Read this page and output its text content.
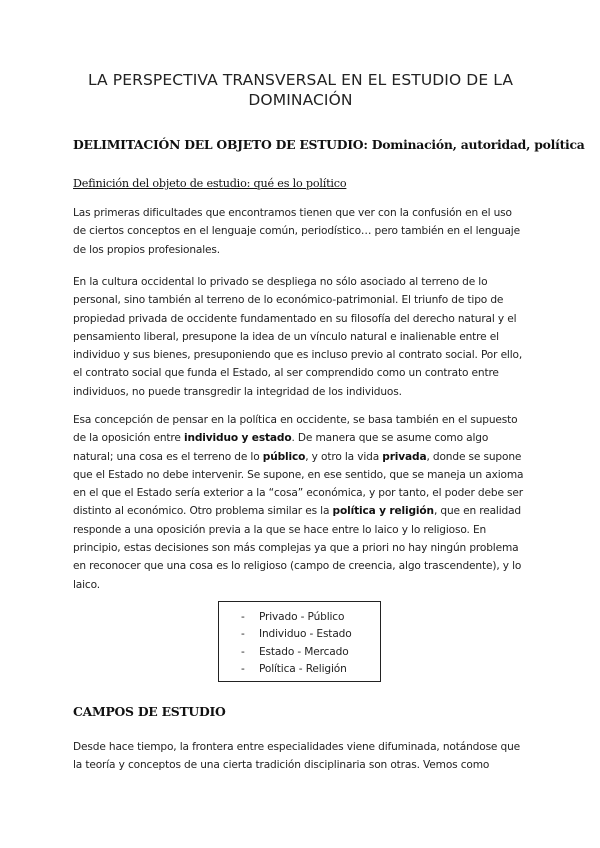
LA PERSPECTIVA TRANSVERSAL EN EL ESTUDIO DE LA DOMINACIÓN
DELIMITACIÓN DEL OBJETO DE ESTUDIO: Dominación, autoridad, política
Definición del objeto de estudio: qué es lo político
Las primeras dificultades que encontramos tienen que ver con la confusión en el uso de ciertos conceptos en el lenguaje común, periodístico… pero también en el lenguaje de los propios profesionales.
En la cultura occidental lo privado se despliega no sólo asociado al terreno de lo personal, sino también al terreno de lo económico-patrimonial. El triunfo de tipo de propiedad privada de occidente fundamentado en su filosofía del derecho natural y el pensamiento liberal, presupone la idea de un vínculo natural e inalienable entre el individuo y sus bienes, presuponiendo que es incluso previo al contrato social. Por ello, el contrato social que funda el Estado, al ser comprendido como un contrato entre individuos, no puede transgredir la integridad de los individuos.
Esa concepción de pensar en la política en occidente, se basa también en el supuesto de la oposición entre individuo y estado. De manera que se asume como algo natural; una cosa es el terreno de lo público, y otro la vida privada, donde se supone que el Estado no debe intervenir. Se supone, en ese sentido, que se maneja un axioma en el que el Estado sería exterior a la “cosa” económica, y por tanto, el poder debe ser distinto al económico. Otro problema similar es la política y religión, que en realidad responde a una oposición previa a la que se hace entre lo laico y lo religioso. En principio, estas decisiones son más complejas ya que a priori no hay ningún problema en reconocer que una cosa es lo religioso (campo de creencia, algo trascendente), y lo laico.
- Privado - Público
- Individuo - Estado
- Estado - Mercado
- Política - Religión
CAMPOS DE ESTUDIO
Desde hace tiempo, la frontera entre especialidades viene difuminada, notándose que la teoría y conceptos de una cierta tradición disciplinaria son otras. Vemos como
